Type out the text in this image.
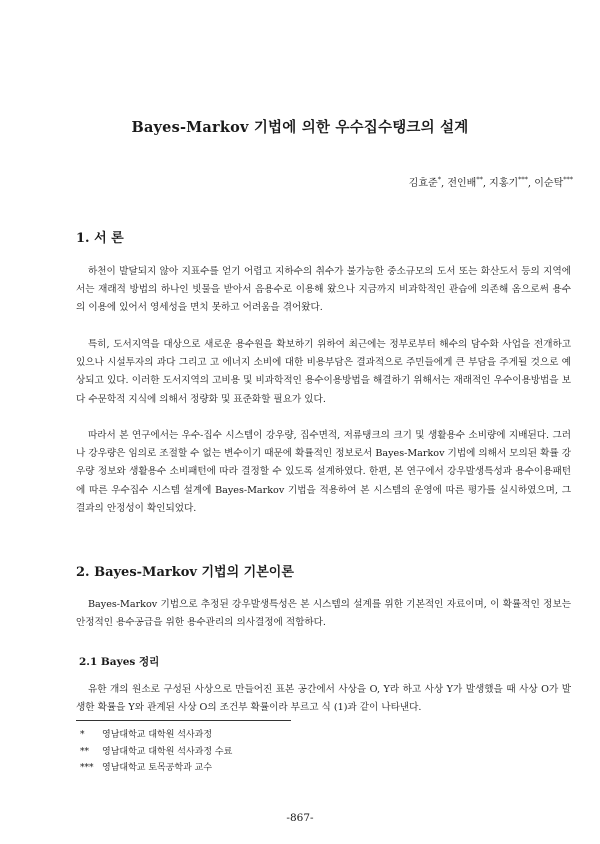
Bayes-Markov 기법에 의한 우수집수탱크의 설계
김효준*, 전인배**, 지홍기***, 이순탁***
1. 서 론

하천이 발달되지 않아 지표수를 얻기 어렵고 지하수의 취수가 불가능한 중소규모의 도서 또는 화산도서 등의 지역에서는 재래적 방법의 하나인 빗물을 받아서 음용수로 이용해 왔으나 지금까지 비과학적인 관습에 의존해 옴으로써 용수의 이용에 있어서 영세성을 면치 못하고 어려움을 겪어왔다.

특히, 도서지역을 대상으로 새로운 용수원을 확보하기 위하여 최근에는 정부로부터 해수의 담수화 사업을 전개하고 있으나 시설투자의 과다 그리고 고 에너지 소비에 대한 비용부담은 결과적으로 주민들에게 큰 부담을 주게될 것으로 예상되고 있다. 이러한 도서지역의 고비용 및 비과학적인 용수이용방법을 해결하기 위해서는 재래적인 우수이용방법을 보다 수문학적 지식에 의해서 정량화 및 표준화할 필요가 있다.

따라서 본 연구에서는 우수-집수 시스템이 강우량, 집수면적, 저류탱크의 크기 및 생활용수 소비량에 지배된다. 그러나 강우량은 임의로 조절할 수 없는 변수이기 때문에 확률적인 정보로서 Bayes-Markov 기법에 의해서 모의된 확률 강우량 정보와 생활용수 소비패턴에 따라 결정할 수 있도록 설계하였다. 한편, 본 연구에서 강우발생특성과 용수이용패턴에 따른 우수집수 시스템 설계에 Bayes-Markov 기법을 적용하여 본 시스템의 운영에 따른 평가를 실시하였으며, 그 결과의 안정성이 확인되었다.

2. Bayes-Markov 기법의 기본이론

Bayes-Markov 기법으로 추정된 강우발생특성은 본 시스템의 설계를 위한 기본적인 자료이며, 이 확률적인 정보는 안정적인 용수공급을 위한 용수관리의 의사결정에 적합하다.

2.1 Bayes 정리

유한 개의 원소로 구성된 사상으로 만들어진 표본 공간에서 사상을 O, Y라 하고 사상 Y가 발생했을 때 사상 O가 발생한 확률을 Y와 관계된 사상 O의 조건부 확률이라 부르고 식 (1)과 같이 나타낸다.

* 영남대학교 대학원 석사과정
** 영남대학교 대학원 석사과정 수료
*** 영남대학교 토목공학과 교수
-867-
